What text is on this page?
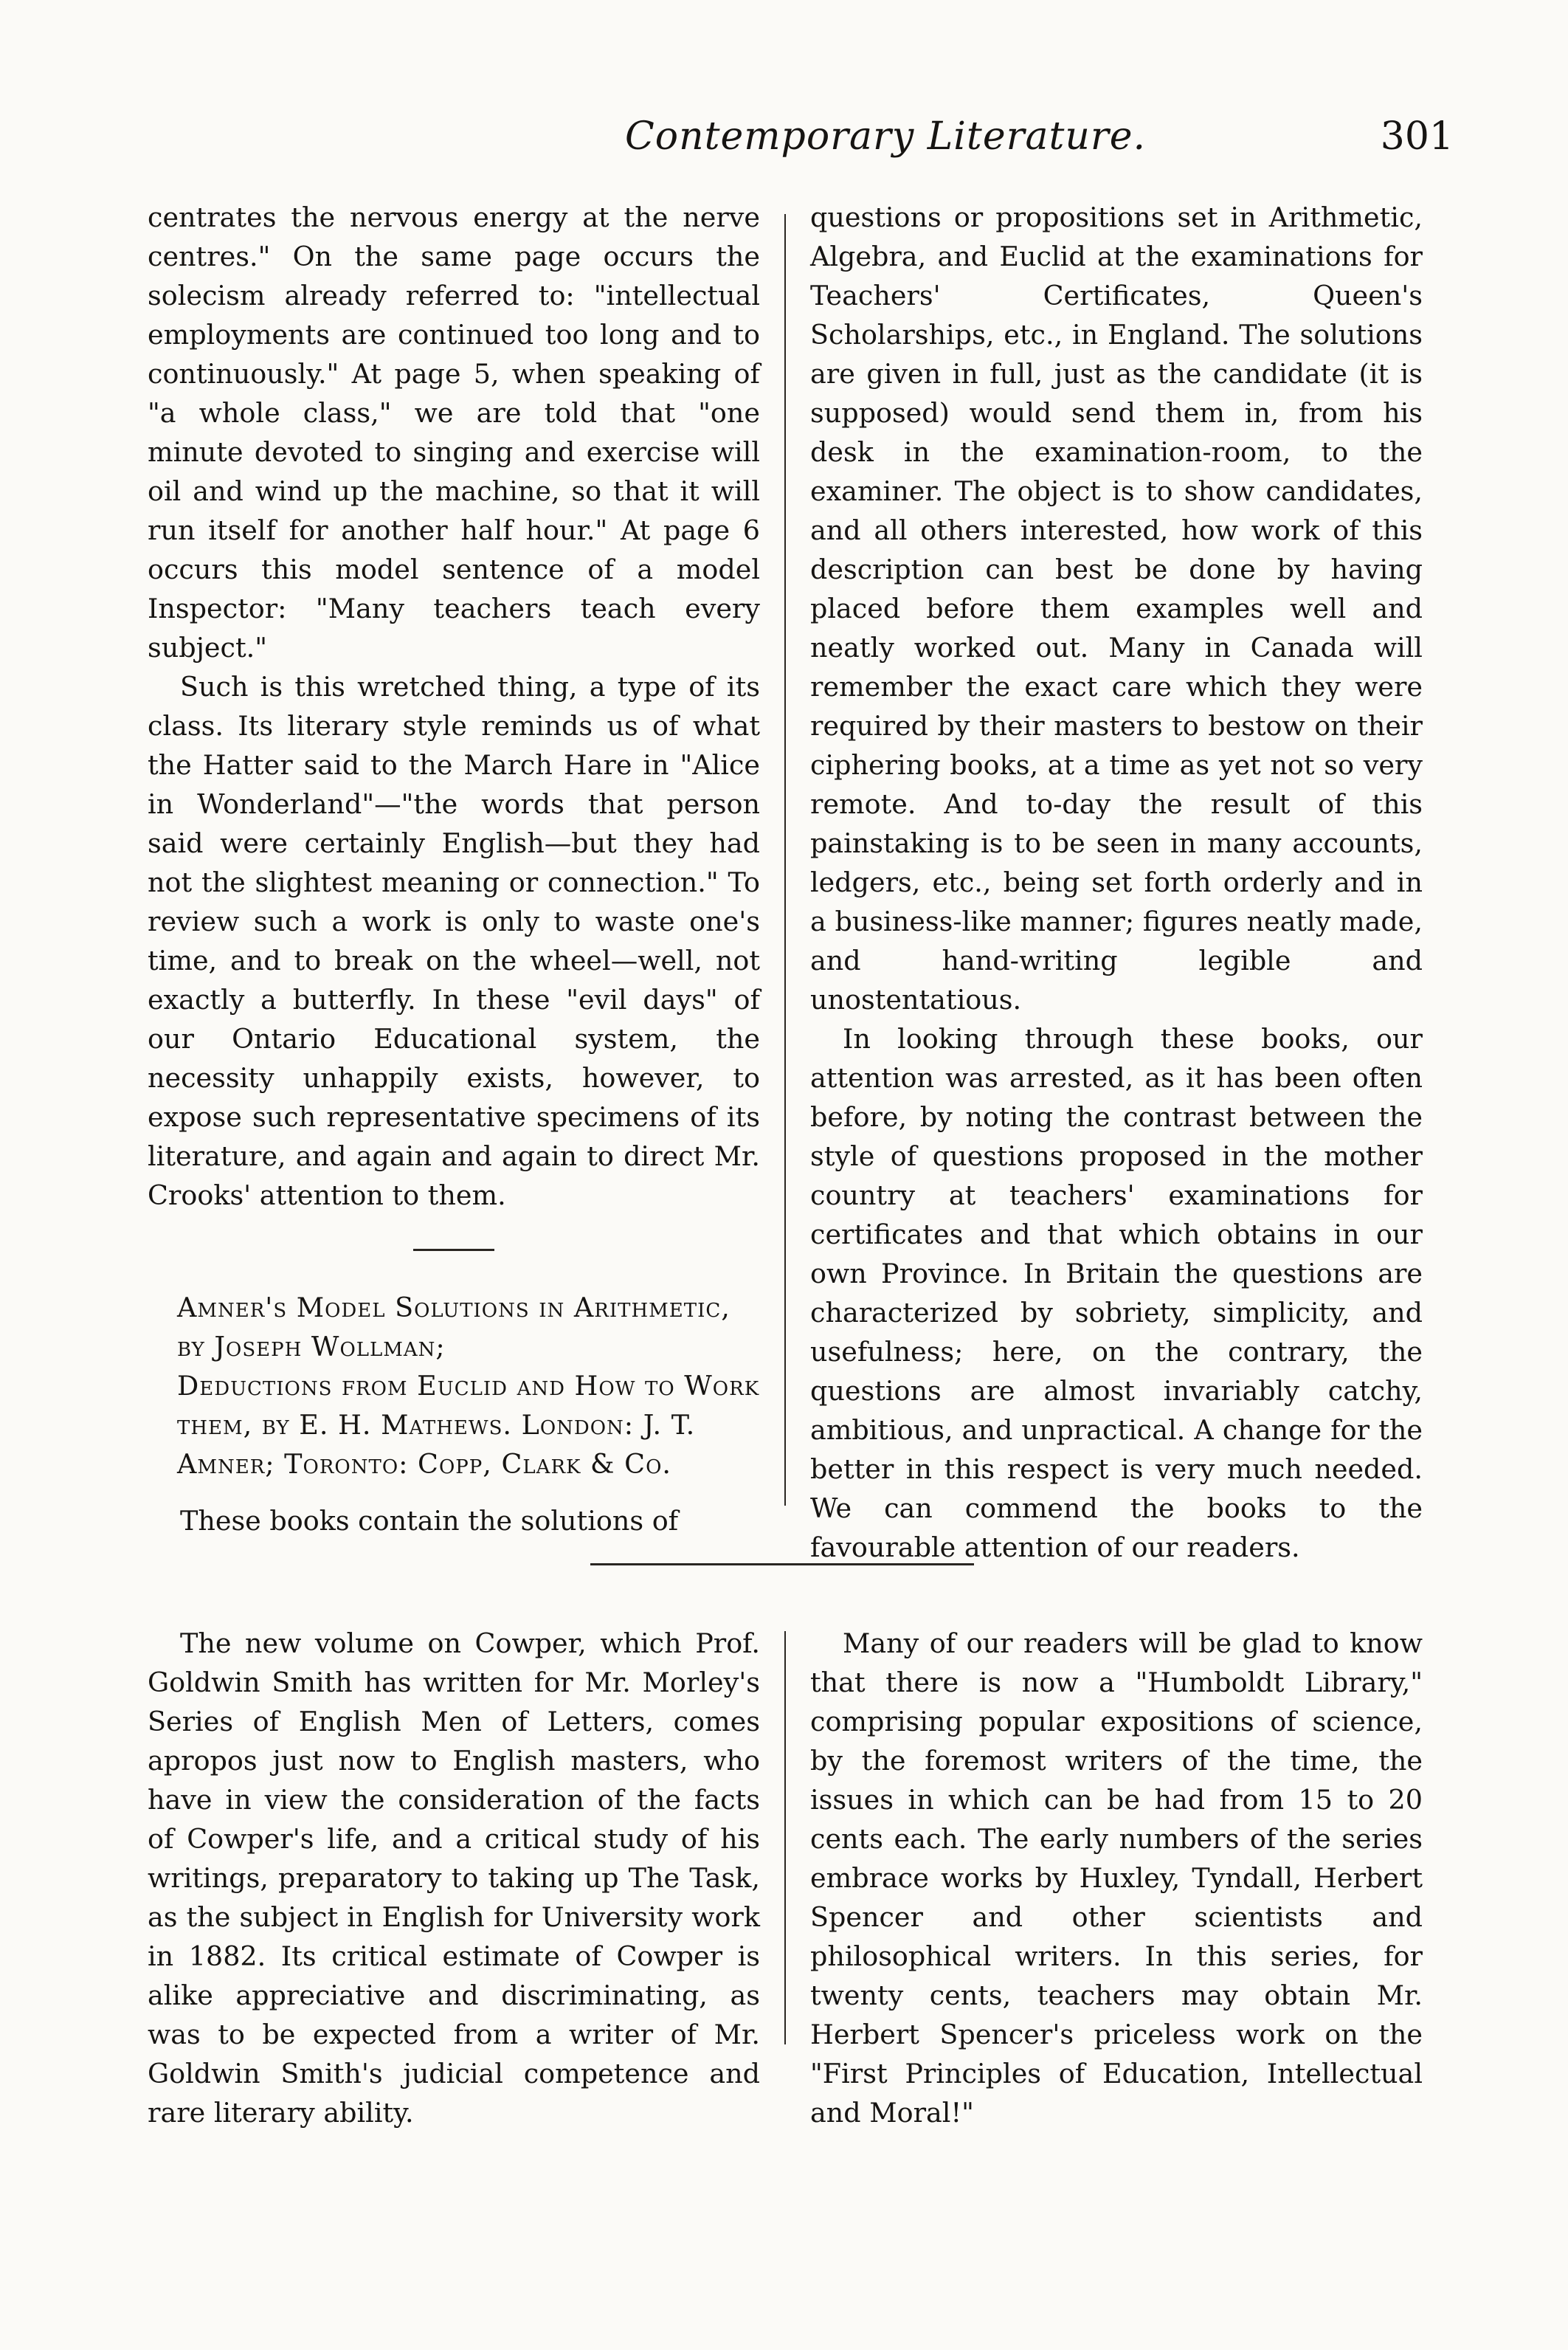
Contemporary Literature.	301

centrates the nervous energy at the nerve centres." On the same page occurs the solecism already referred to: "intellectual employments are continued too long and to continuously." At page 5, when speaking of "a whole class," we are told that "one minute devoted to singing and exercise will oil and wind up the machine, so that it will run itself for another half hour." At page 6 occurs this model sentence of a model Inspector: "Many teachers teach every subject."

Such is this wretched thing, a type of its class. Its literary style reminds us of what the Hatter said to the March Hare in "Alice in Wonderland"—"the words that person said were certainly English—but they had not the slightest meaning or connection." To review such a work is only to waste one's time, and to break on the wheel—well, not exactly a butterfly. In these "evil days" of our Ontario Educational system, the necessity unhappily exists, however, to expose such representative specimens of its literature, and again and again to direct Mr. Crooks' attention to them.

Amner's Model Solutions in Arithmetic, by Joseph Wollman;

Deductions from Euclid and How to Work them, by E. H. Mathews. London: J. T. Amner; Toronto: Copp, Clark & Co.

These books contain the solutions of

questions or propositions set in Arithmetic, Algebra, and Euclid at the examinations for Teachers' Certificates, Queen's Scholarships, etc., in England. The solutions are given in full, just as the candidate (it is supposed) would send them in, from his desk in the examination-room, to the examiner. The object is to show candidates, and all others interested, how work of this description can best be done by having placed before them examples well and neatly worked out. Many in Canada will remember the exact care which they were required by their masters to bestow on their ciphering books, at a time as yet not so very remote. And to-day the result of this painstaking is to be seen in many accounts, ledgers, etc., being set forth orderly and in a business-like manner; figures neatly made, and hand-writing legible and unostentatious.

In looking through these books, our attention was arrested, as it has been often before, by noting the contrast between the style of questions proposed in the mother country at teachers' examinations for certificates and that which obtains in our own Province. In Britain the questions are characterized by sobriety, simplicity, and usefulness; here, on the contrary, the questions are almost invariably catchy, ambitious, and unpractical. A change for the better in this respect is very much needed. We can commend the books to the favourable attention of our readers.

The new volume on Cowper, which Prof. Goldwin Smith has written for Mr. Morley's Series of English Men of Letters, comes apropos just now to English masters, who have in view the consideration of the facts of Cowper's life, and a critical study of his writings, preparatory to taking up The Task, as the subject in English for University work in 1882. Its critical estimate of Cowper is alike appreciative and discriminating, as was to be expected from a writer of Mr. Goldwin Smith's judicial competence and rare literary ability.

Many of our readers will be glad to know that there is now a "Humboldt Library," comprising popular expositions of science, by the foremost writers of the time, the issues in which can be had from 15 to 20 cents each. The early numbers of the series embrace works by Huxley, Tyndall, Herbert Spencer and other scientists and philosophical writers. In this series, for twenty cents, teachers may obtain Mr. Herbert Spencer's priceless work on the "First Principles of Education, Intellectual and Moral!"
